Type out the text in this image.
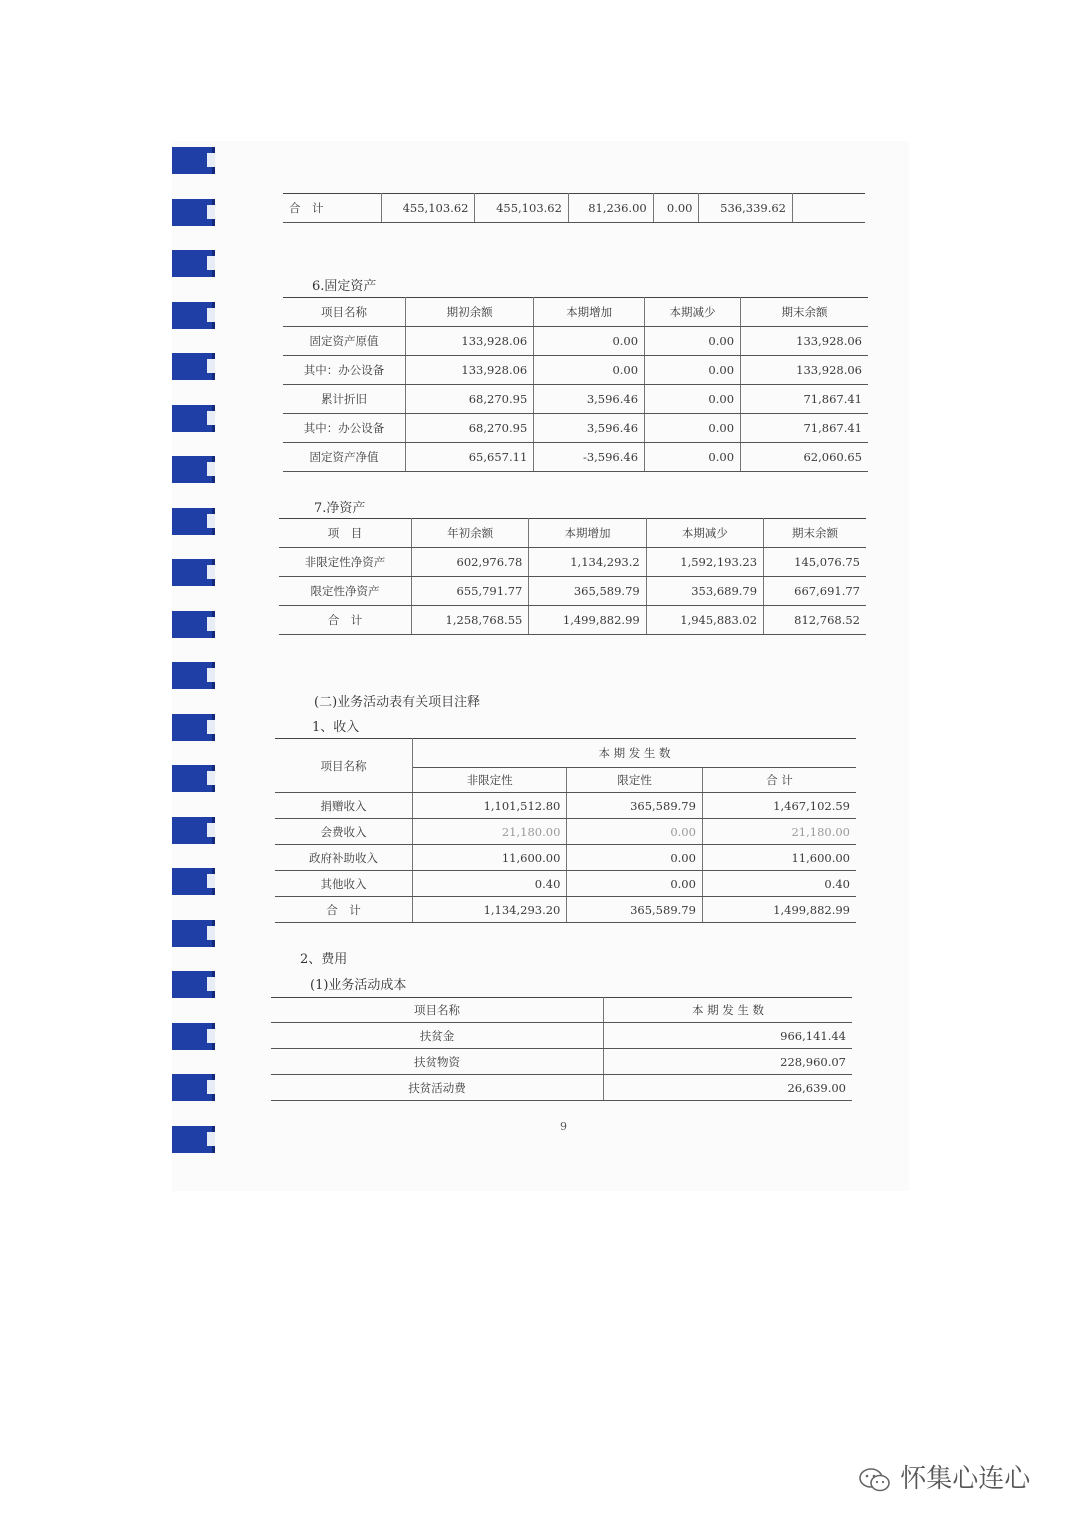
合　计	455,103.62	455,103.62	81,236.00	0.00	536,339.62	
6.固定资产
项目名称	期初余额	本期增加	本期减少	期末余额
固定资产原值	133,928.06	0.00	0.00	133,928.06
其中：办公设备	133,928.06	0.00	0.00	133,928.06
累计折旧	68,270.95	3,596.46	0.00	71,867.41
其中：办公设备	68,270.95	3,596.46	0.00	71,867.41
固定资产净值	65,657.11	-3,596.46	0.00	62,060.65
7.净资产
项　目	年初余额	本期增加	本期减少	期末余额
非限定性净资产	602,976.78	1,134,293.2	1,592,193.23	145,076.75
限定性净资产	655,791.77	365,589.79	353,689.79	667,691.77
合　计	1,258,768.55	1,499,882.99	1,945,883.02	812,768.52
(二)业务活动表有关项目注释
1、收入
项目名称	本 期 发 生 数		
	非限定性	限定性	合 计
捐赠收入	1,101,512.80	365,589.79	1,467,102.59
会费收入	21,180.00	0.00	21,180.00
政府补助收入	11,600.00	0.00	11,600.00
其他收入	0.40	0.00	0.40
合　计	1,134,293.20	365,589.79	1,499,882.99
2、费用
(1)业务活动成本
项目名称	本 期 发 生 数
扶贫金	966,141.44
扶贫物资	228,960.07
扶贫活动费	26,639.00
9
怀集心连心
